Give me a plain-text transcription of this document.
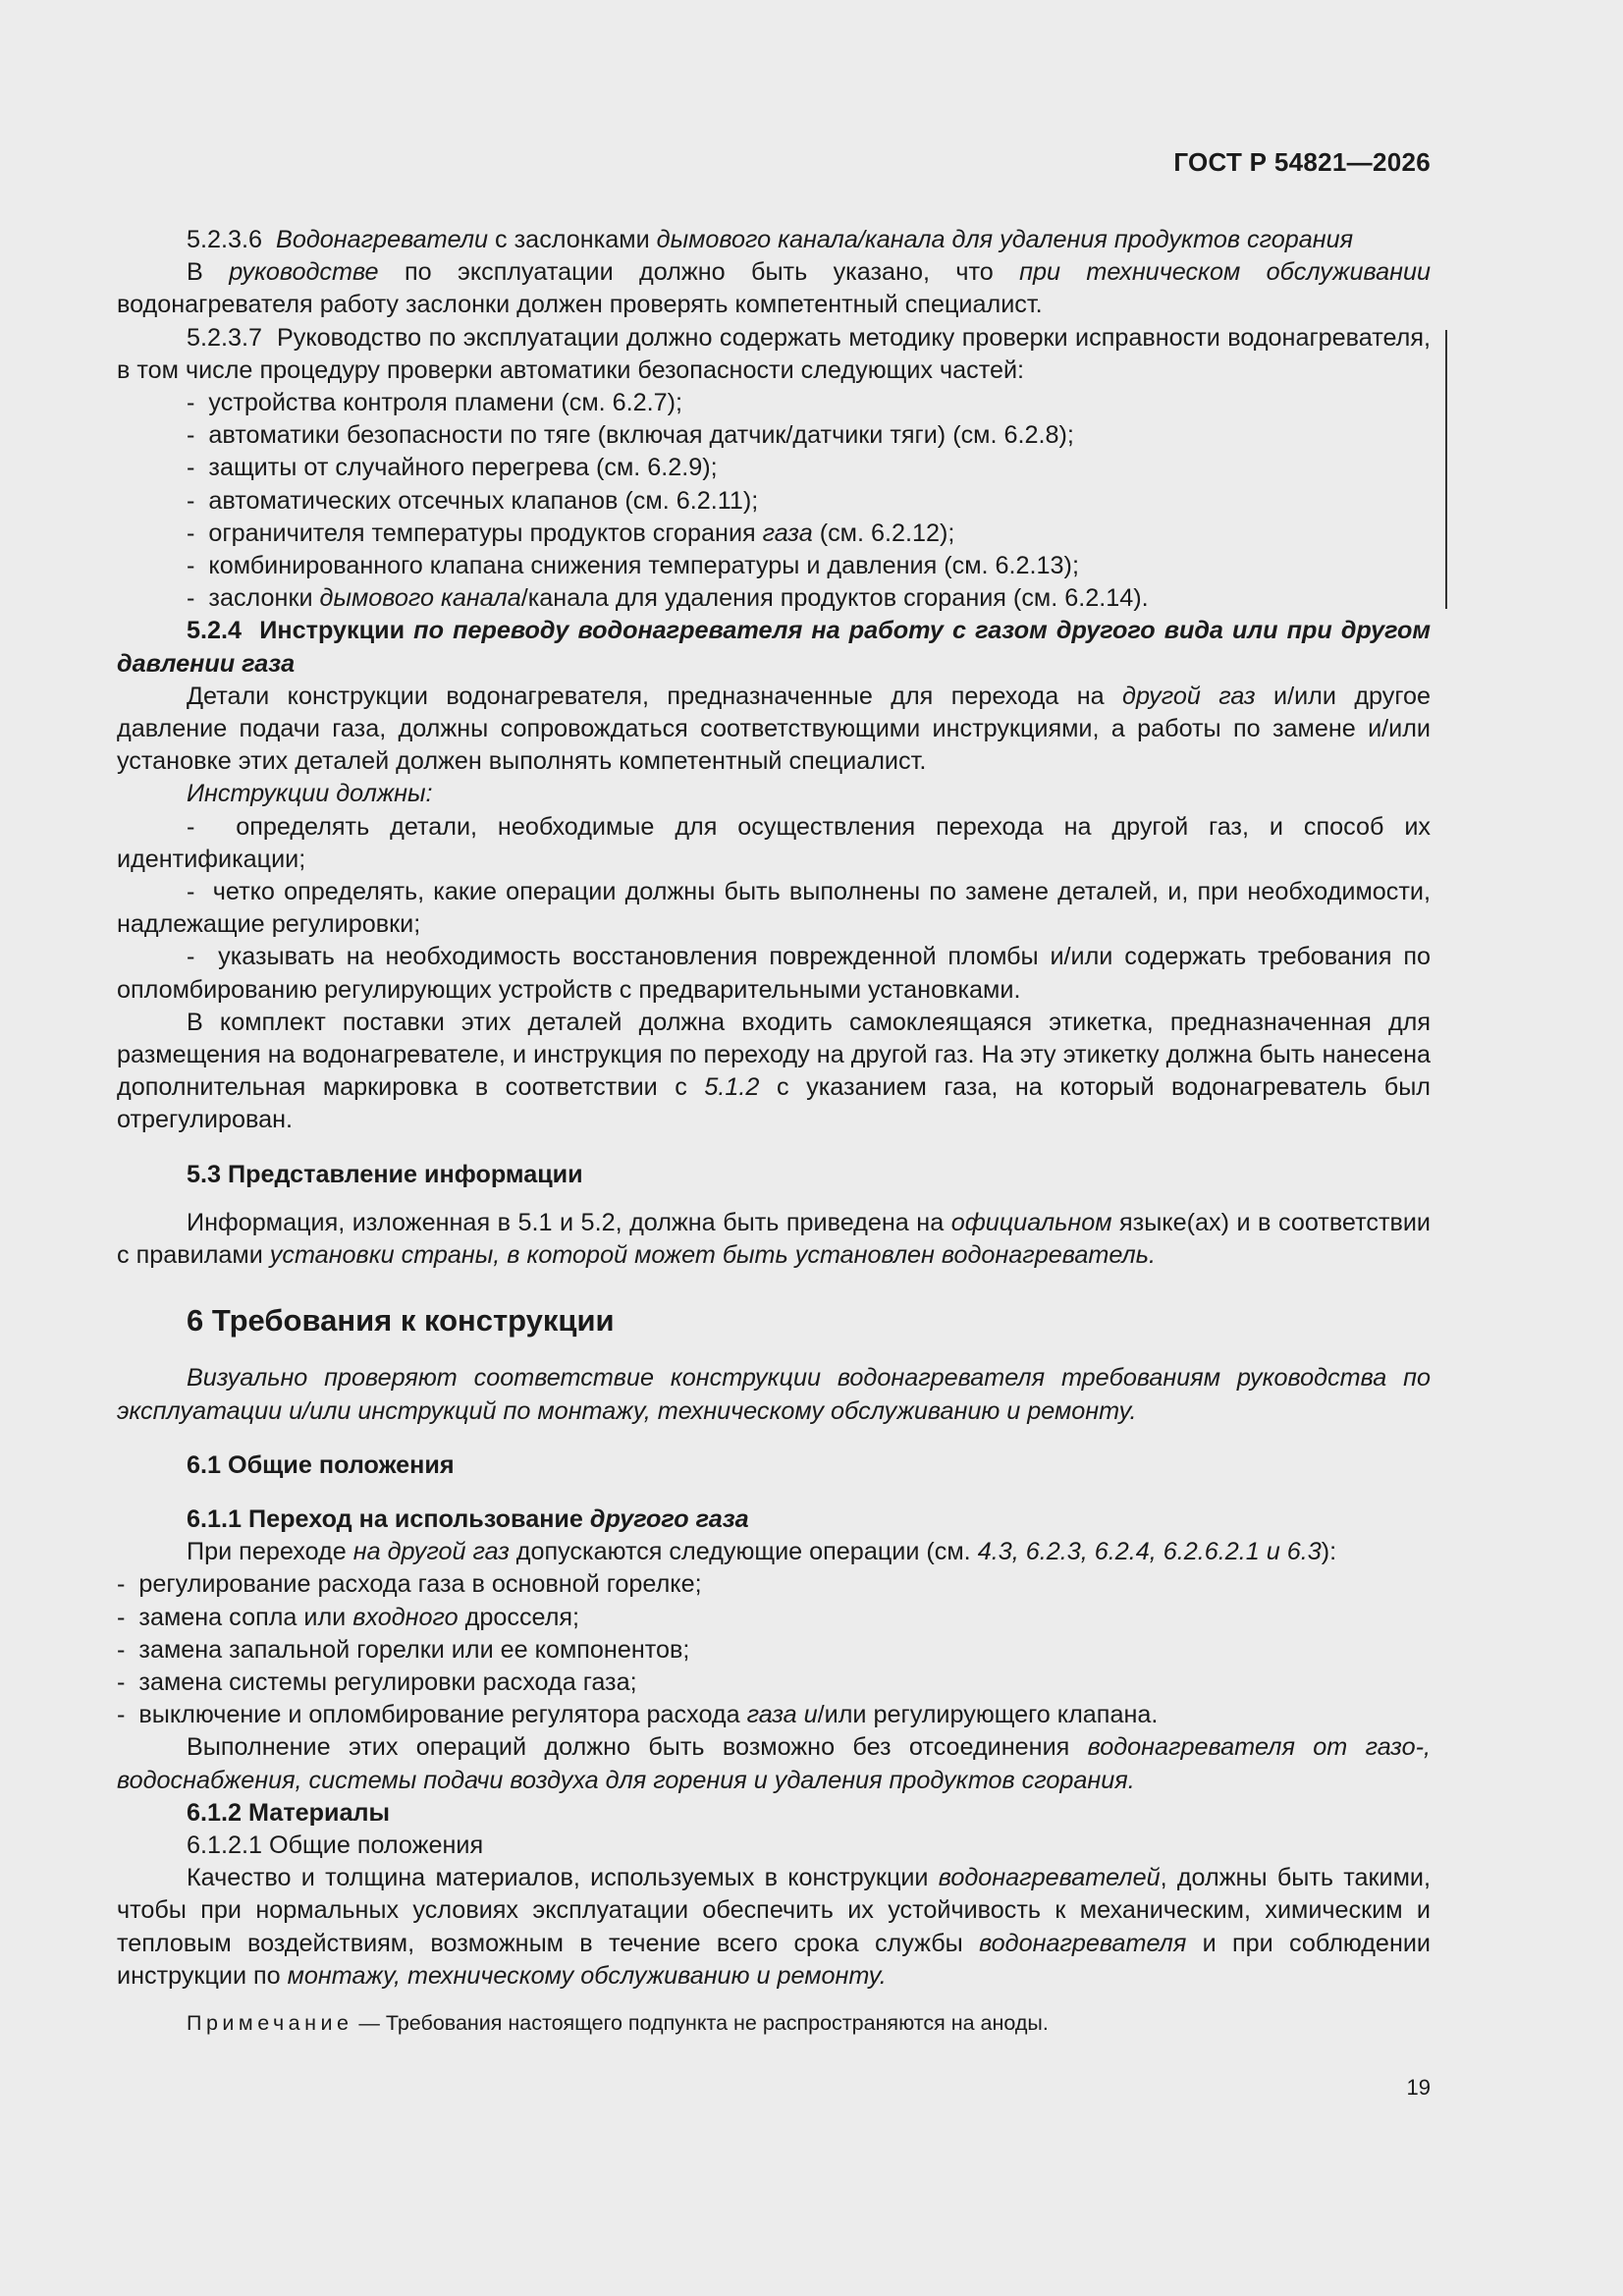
ГОСТ Р 54821—2026

5.2.3.6 Водонагреватели с заслонками дымового канала/канала для удаления продуктов сгорания

В руководстве по эксплуатации должно быть указано, что при техническом обслуживании водонагревателя работу заслонки должен проверять компетентный специалист.

5.2.3.7 Руководство по эксплуатации должно содержать методику проверки исправности водонагревателя, в том числе процедуру проверки автоматики безопасности следующих частей:

- устройства контроля пламени (см. 6.2.7);

- автоматики безопасности по тяге (включая датчик/датчики тяги) (см. 6.2.8);

- защиты от случайного перегрева (см. 6.2.9);

- автоматических отсечных клапанов (см. 6.2.11);

- ограничителя температуры продуктов сгорания газа (см. 6.2.12);

- комбинированного клапана снижения температуры и давления (см. 6.2.13);

- заслонки дымового канала/канала для удаления продуктов сгорания (см. 6.2.14).

5.2.4 Инструкции по переводу водонагревателя на работу с газом другого вида или при другом давлении газа

Детали конструкции водонагревателя, предназначенные для перехода на другой газ и/или другое давление подачи газа, должны сопровождаться соответствующими инструкциями, а работы по замене и/или установке этих деталей должен выполнять компетентный специалист.

Инструкции должны:

- определять детали, необходимые для осуществления перехода на другой газ, и способ их идентификации;

- четко определять, какие операции должны быть выполнены по замене деталей, и, при необходимости, надлежащие регулировки;

- указывать на необходимость восстановления поврежденной пломбы и/или содержать требования по опломбированию регулирующих устройств с предварительными установками.

В комплект поставки этих деталей должна входить самоклеящаяся этикетка, предназначенная для размещения на водонагревателе, и инструкция по переходу на другой газ. На эту этикетку должна быть нанесена дополнительная маркировка в соответствии с 5.1.2 с указанием газа, на который водонагреватель был отрегулирован.

5.3 Представление информации

Информация, изложенная в 5.1 и 5.2, должна быть приведена на официальном языке(ах) и в соответствии с правилами установки страны, в которой может быть установлен водонагреватель.

6 Требования к конструкции

Визуально проверяют соответствие конструкции водонагревателя требованиям руководства по эксплуатации и/или инструкций по монтажу, техническому обслуживанию и ремонту.

6.1 Общие положения

6.1.1 Переход на использование другого газа

При переходе на другой газ допускаются следующие операции (см. 4.3, 6.2.3, 6.2.4, 6.2.6.2.1 и 6.3):

- регулирование расхода газа в основной горелке;

- замена сопла или входного дросселя;

- замена запальной горелки или ее компонентов;

- замена системы регулировки расхода газа;

- выключение и опломбирование регулятора расхода газа и/или регулирующего клапана.

Выполнение этих операций должно быть возможно без отсоединения водонагревателя от газо-, водоснабжения, системы подачи воздуха для горения и удаления продуктов сгорания.

6.1.2 Материалы

6.1.2.1 Общие положения

Качество и толщина материалов, используемых в конструкции водонагревателей, должны быть такими, чтобы при нормальных условиях эксплуатации обеспечить их устойчивость к механическим, химическим и тепловым воздействиям, возможным в течение всего срока службы водонагревателя и при соблюдении инструкции по монтажу, техническому обслуживанию и ремонту.

Примечание — Требования настоящего подпункта не распространяются на аноды.

19
